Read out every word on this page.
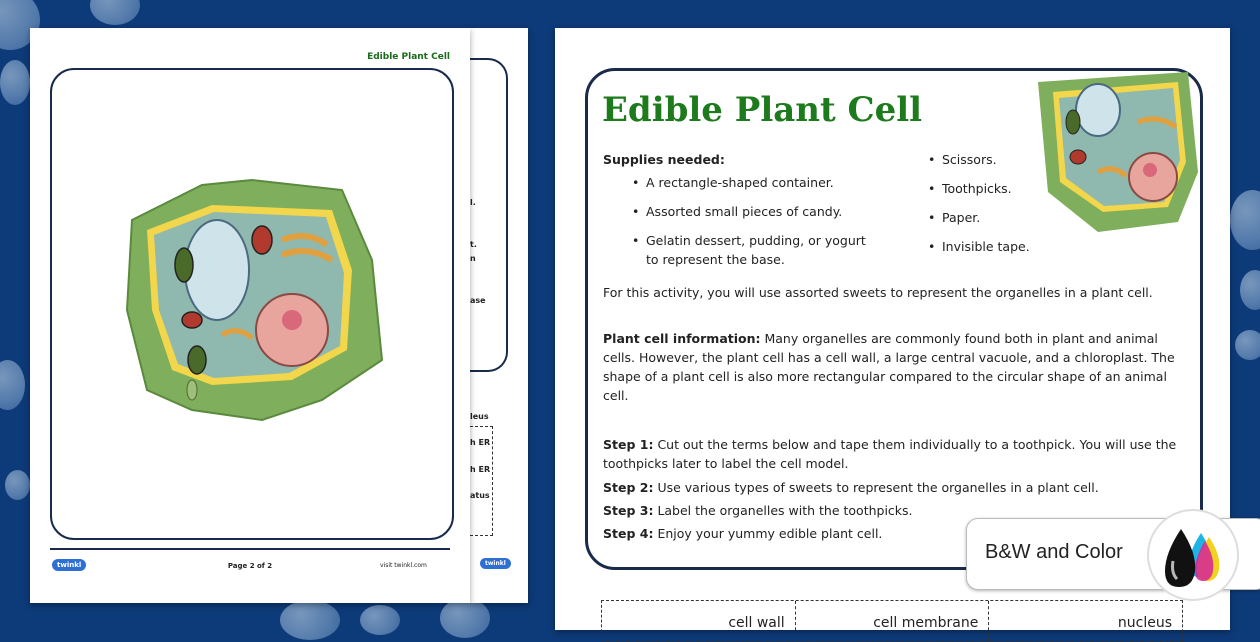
l.
t.
n
ase
leus
h ER
h ER
atus
twinkl
Edible Plant Cell
twinkl	Page 2 of 2	visit twinkl.com
Edible Plant Cell
Supplies needed:
• A rectangle-shaped container.
• Assorted small pieces of candy.
• Gelatin dessert, pudding, or yogurt to represent the base.
• Scissors.
• Toothpicks.
• Paper.
• Invisible tape.
For this activity, you will use assorted sweets to represent the organelles in a plant cell.
Plant cell information: Many organelles are commonly found both in plant and animal cells. However, the plant cell has a cell wall, a large central vacuole, and a chloroplast. The shape of a plant cell is also more rectangular compared to the circular shape of an animal cell.
Step 1: Cut out the terms below and tape them individually to a toothpick. You will use the toothpicks later to label the cell model.
Step 2: Use various types of sweets to represent the organelles in a plant cell.
Step 3: Label the organelles with the toothpicks.
Step 4: Enjoy your yummy edible plant cell.
cell wall	cell membrane	nucleus
B&W and Color
